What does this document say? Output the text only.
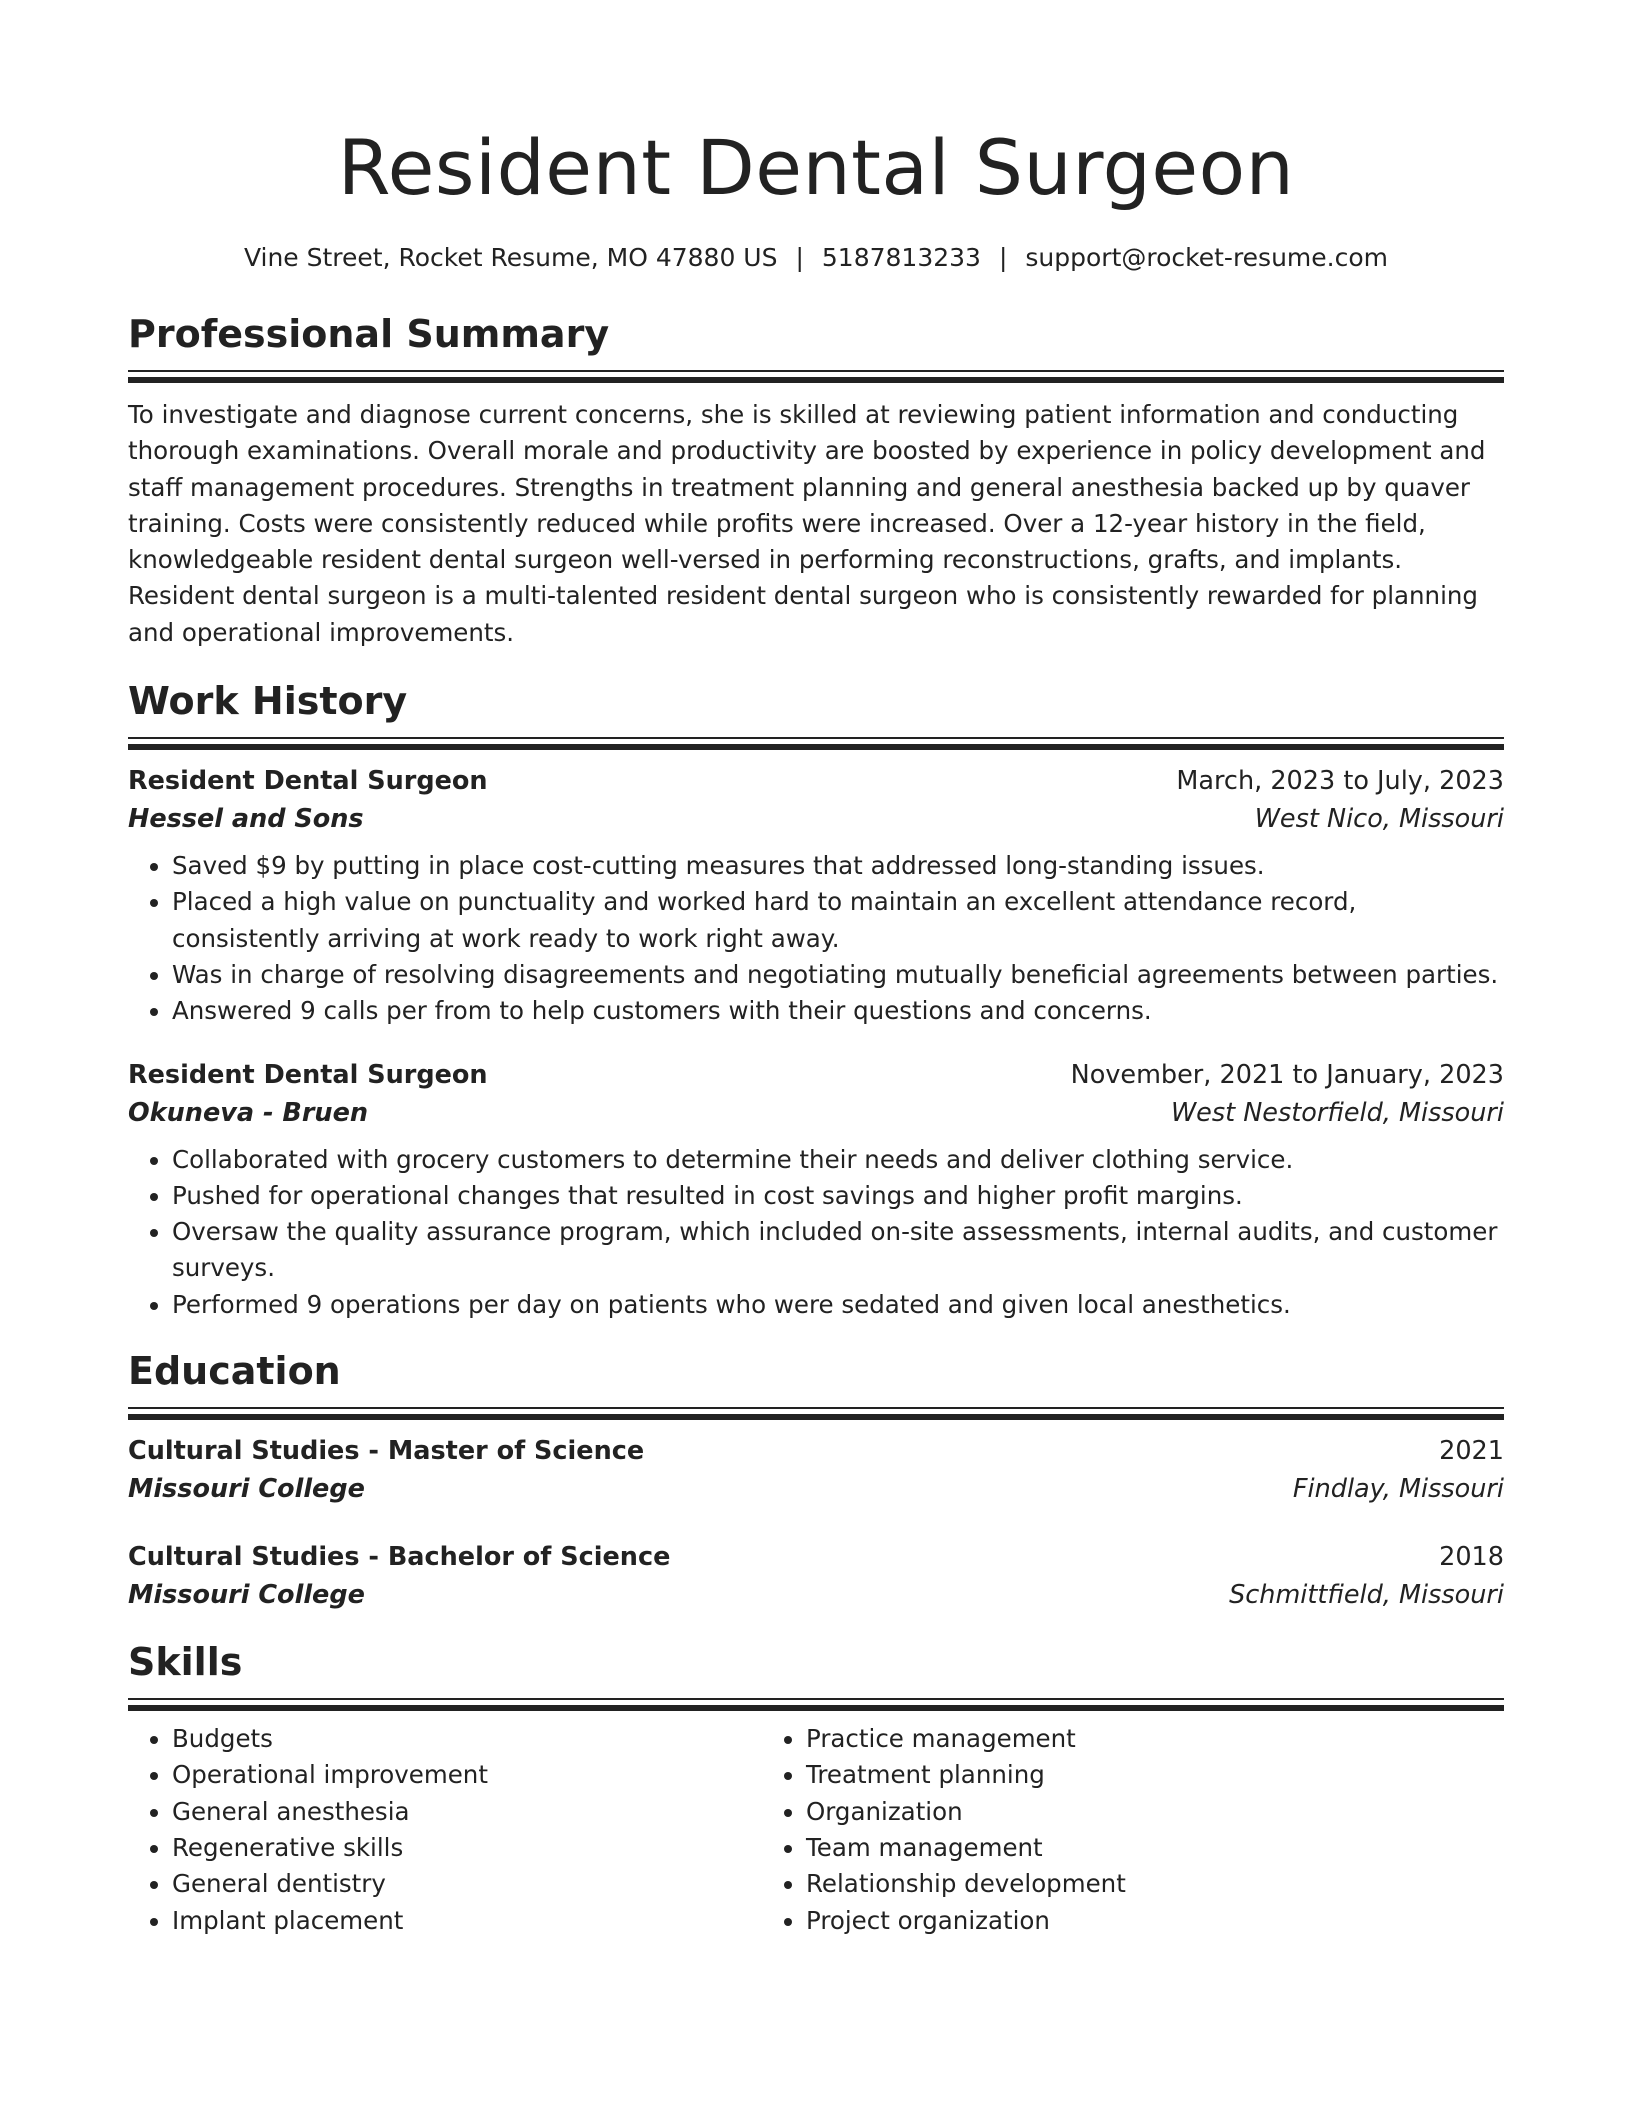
Resident Dental Surgeon
Vine Street, Rocket Resume, MO 47880 US | 5187813233 | support@rocket-resume.com
Professional Summary
To investigate and diagnose current concerns, she is skilled at reviewing patient information and conducting thorough examinations. Overall morale and productivity are boosted by experience in policy development and staff management procedures. Strengths in treatment planning and general anesthesia backed up by quaver training. Costs were consistently reduced while profits were increased. Over a 12-year history in the field, knowledgeable resident dental surgeon well-versed in performing reconstructions, grafts, and implants. Resident dental surgeon is a multi-talented resident dental surgeon who is consistently rewarded for planning and operational improvements.
Work History
Resident Dental Surgeon	March, 2023 to July, 2023
Hessel and Sons	West Nico, Missouri
• Saved $9 by putting in place cost-cutting measures that addressed long-standing issues.
• Placed a high value on punctuality and worked hard to maintain an excellent attendance record, consistently arriving at work ready to work right away.
• Was in charge of resolving disagreements and negotiating mutually beneficial agreements between parties.
• Answered 9 calls per from to help customers with their questions and concerns.
Resident Dental Surgeon	November, 2021 to January, 2023
Okuneva - Bruen	West Nestorfield, Missouri
• Collaborated with grocery customers to determine their needs and deliver clothing service.
• Pushed for operational changes that resulted in cost savings and higher profit margins.
• Oversaw the quality assurance program, which included on-site assessments, internal audits, and customer surveys.
• Performed 9 operations per day on patients who were sedated and given local anesthetics.
Education
Cultural Studies - Master of Science	2021
Missouri College	Findlay, Missouri
Cultural Studies - Bachelor of Science	2018
Missouri College	Schmittfield, Missouri
Skills
• Budgets
• Operational improvement
• General anesthesia
• Regenerative skills
• General dentistry
• Implant placement
• Practice management
• Treatment planning
• Organization
• Team management
• Relationship development
• Project organization
